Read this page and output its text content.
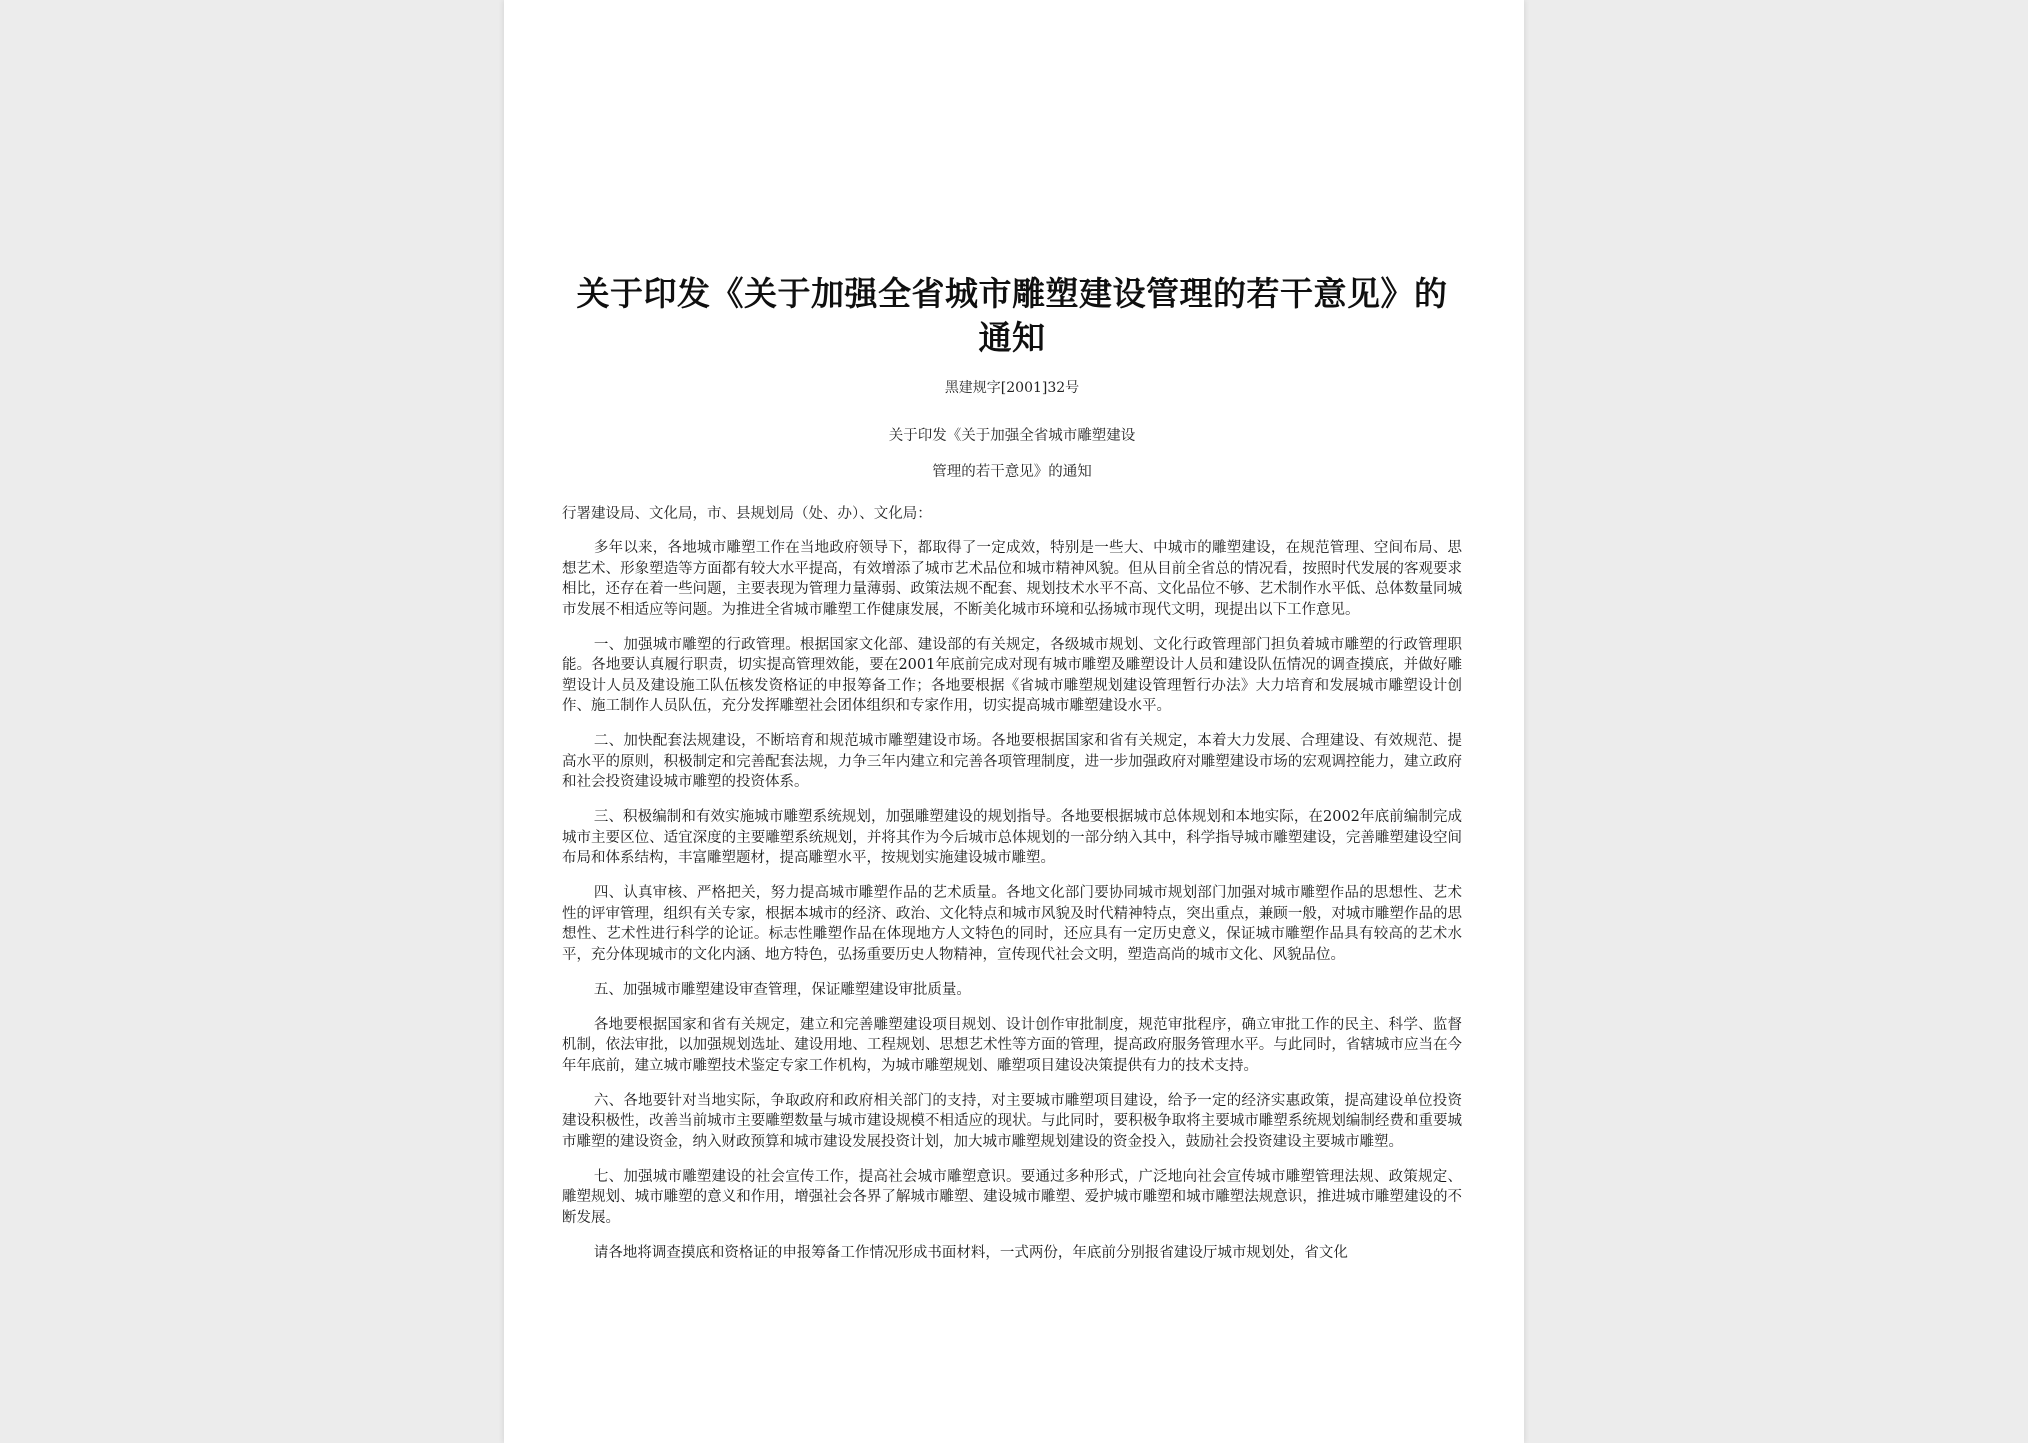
关于印发《关于加强全省城市雕塑建设管理的若干意见》的通知
黑建规字[2001]32号
关于印发《关于加强全省城市雕塑建设
管理的若干意见》的通知
行署建设局、文化局，市、县规划局（处、办）、文化局：

多年以来，各地城市雕塑工作在当地政府领导下，都取得了一定成效，特别是一些大、中城市的雕塑建设，在规范管理、空间布局、思想艺术、形象塑造等方面都有较大水平提高，有效增添了城市艺术品位和城市精神风貌。但从目前全省总的情况看，按照时代发展的客观要求相比，还存在着一些问题，主要表现为管理力量薄弱、政策法规不配套、规划技术水平不高、文化品位不够、艺术制作水平低、总体数量同城市发展不相适应等问题。为推进全省城市雕塑工作健康发展，不断美化城市环境和弘扬城市现代文明，现提出以下工作意见。

一、加强城市雕塑的行政管理。根据国家文化部、建设部的有关规定，各级城市规划、文化行政管理部门担负着城市雕塑的行政管理职能。各地要认真履行职责，切实提高管理效能，要在2001年底前完成对现有城市雕塑及雕塑设计人员和建设队伍情况的调查摸底，并做好雕塑设计人员及建设施工队伍核发资格证的申报筹备工作；各地要根据《省城市雕塑规划建设管理暂行办法》大力培育和发展城市雕塑设计创作、施工制作人员队伍，充分发挥雕塑社会团体组织和专家作用，切实提高城市雕塑建设水平。

二、加快配套法规建设，不断培育和规范城市雕塑建设市场。各地要根据国家和省有关规定，本着大力发展、合理建设、有效规范、提高水平的原则，积极制定和完善配套法规，力争三年内建立和完善各项管理制度，进一步加强政府对雕塑建设市场的宏观调控能力，建立政府和社会投资建设城市雕塑的投资体系。

三、积极编制和有效实施城市雕塑系统规划，加强雕塑建设的规划指导。各地要根据城市总体规划和本地实际，在2002年底前编制完成城市主要区位、适宜深度的主要雕塑系统规划，并将其作为今后城市总体规划的一部分纳入其中，科学指导城市雕塑建设，完善雕塑建设空间布局和体系结构，丰富雕塑题材，提高雕塑水平，按规划实施建设城市雕塑。

四、认真审核、严格把关，努力提高城市雕塑作品的艺术质量。各地文化部门要协同城市规划部门加强对城市雕塑作品的思想性、艺术性的评审管理，组织有关专家，根据本城市的经济、政治、文化特点和城市风貌及时代精神特点，突出重点，兼顾一般，对城市雕塑作品的思想性、艺术性进行科学的论证。标志性雕塑作品在体现地方人文特色的同时，还应具有一定历史意义，保证城市雕塑作品具有较高的艺术水平，充分体现城市的文化内涵、地方特色，弘扬重要历史人物精神，宣传现代社会文明，塑造高尚的城市文化、风貌品位。

五、加强城市雕塑建设审查管理，保证雕塑建设审批质量。

各地要根据国家和省有关规定，建立和完善雕塑建设项目规划、设计创作审批制度，规范审批程序，确立审批工作的民主、科学、监督机制，依法审批，以加强规划选址、建设用地、工程规划、思想艺术性等方面的管理，提高政府服务管理水平。与此同时，省辖城市应当在今年年底前，建立城市雕塑技术鉴定专家工作机构，为城市雕塑规划、雕塑项目建设决策提供有力的技术支持。

六、各地要针对当地实际，争取政府和政府相关部门的支持，对主要城市雕塑项目建设，给予一定的经济实惠政策，提高建设单位投资建设积极性，改善当前城市主要雕塑数量与城市建设规模不相适应的现状。与此同时，要积极争取将主要城市雕塑系统规划编制经费和重要城市雕塑的建设资金，纳入财政预算和城市建设发展投资计划，加大城市雕塑规划建设的资金投入，鼓励社会投资建设主要城市雕塑。

七、加强城市雕塑建设的社会宣传工作，提高社会城市雕塑意识。要通过多种形式，广泛地向社会宣传城市雕塑管理法规、政策规定、雕塑规划、城市雕塑的意义和作用，增强社会各界了解城市雕塑、建设城市雕塑、爱护城市雕塑和城市雕塑法规意识，推进城市雕塑建设的不断发展。

请各地将调查摸底和资格证的申报筹备工作情况形成书面材料，一式两份，年底前分别报省建设厅城市规划处，省文化
